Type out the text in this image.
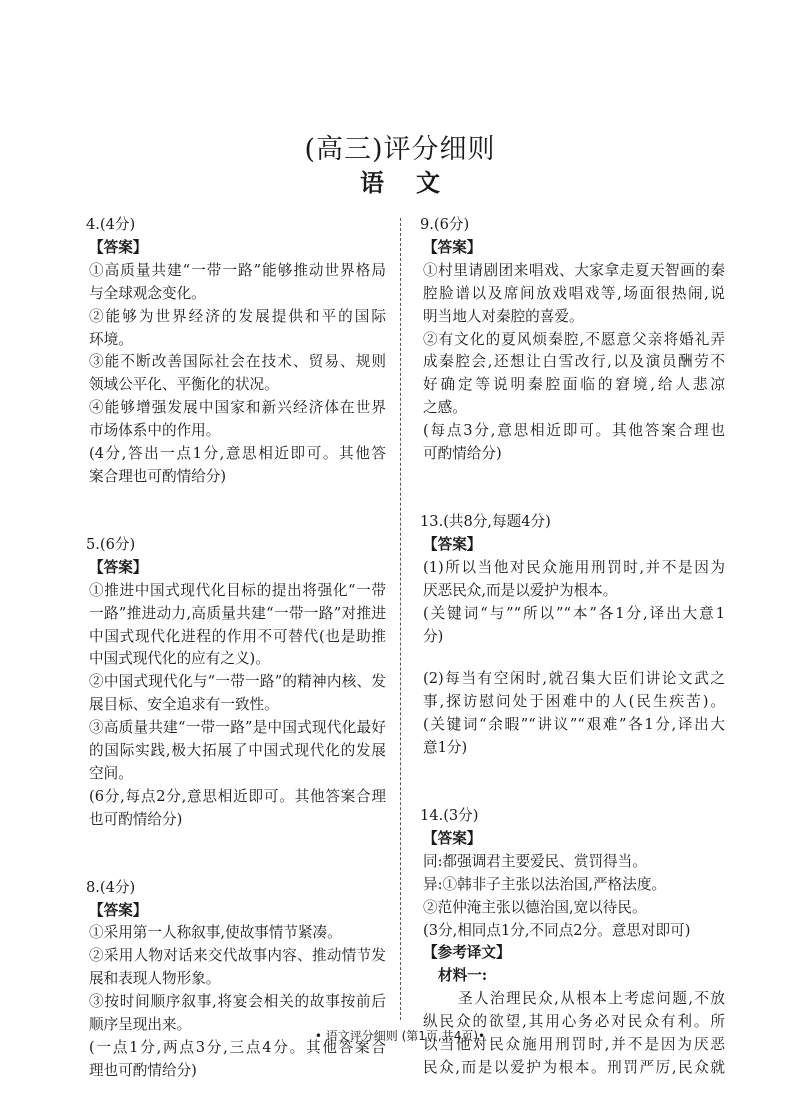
(高三)评分细则
语文
4.(4分)
【答案】
①高质量共建“一带一路”能够推动世界格局
与全球观念变化。
②能够为世界经济的发展提供和平的国际
环境。
③能不断改善国际社会在技术、贸易、规则
领域公平化、平衡化的状况。
④能够增强发展中国家和新兴经济体在世界
市场体系中的作用。
(4分,答出一点1分,意思相近即可。其他答
案合理也可酌情给分)
5.(6分)
【答案】
①推进中国式现代化目标的提出将强化“一带
一路”推进动力,高质量共建“一带一路”对推进
中国式现代化进程的作用不可替代(也是助推
中国式现代化的应有之义)。
②中国式现代化与“一带一路”的精神内核、发
展目标、安全追求有一致性。
③高质量共建“一带一路”是中国式现代化最好
的国际实践,极大拓展了中国式现代化的发展
空间。
(6分,每点2分,意思相近即可。其他答案合理
也可酌情给分)
8.(4分)
【答案】
①采用第一人称叙事,使故事情节紧凑。
②采用人物对话来交代故事内容、推动情节发
展和表现人物形象。
③按时间顺序叙事,将宴会相关的故事按前后
顺序呈现出来。
(一点1分,两点3分,三点4分。其他答案合
理也可酌情给分)
9.(6分)
【答案】
①村里请剧团来唱戏、大家拿走夏天智画的秦
腔脸谱以及席间放戏唱戏等,场面很热闹,说
明当地人对秦腔的喜爱。
②有文化的夏风烦秦腔,不愿意父亲将婚礼弄
成秦腔会,还想让白雪改行,以及演员酬劳不
好确定等说明秦腔面临的窘境,给人悲凉
之感。
(每点3分,意思相近即可。其他答案合理也
可酌情给分)
13.(共8分,每题4分)
【答案】
(1)所以当他对民众施用刑罚时,并不是因为
厌恶民众,而是以爱护为根本。
(关键词“与”“所以”“本”各1分,译出大意1
分)
(2)每当有空闲时,就召集大臣们讲论文武之
事,探访慰问处于困难中的人(民生疾苦)。
(关键词“余暇”“讲议”“艰难”各1分,译出大
意1分)
14.(3分)
【答案】
同:都强调君主要爱民、赏罚得当。
异:①韩非子主张以法治国,严格法度。
②范仲淹主张以德治国,宽以待民。
(3分,相同点1分,不同点2分。意思对即可)
【参考译文】
材料一:
圣人治理民众,从根本上考虑问题,不放
纵民众的欲望,其用心务必对民众有利。所
以当他对民众施用刑罚时,并不是因为厌恶
民众,而是以爱护为根本。刑罚严厉,民众就
• 语文评分细则 (第1页,共4页)•
